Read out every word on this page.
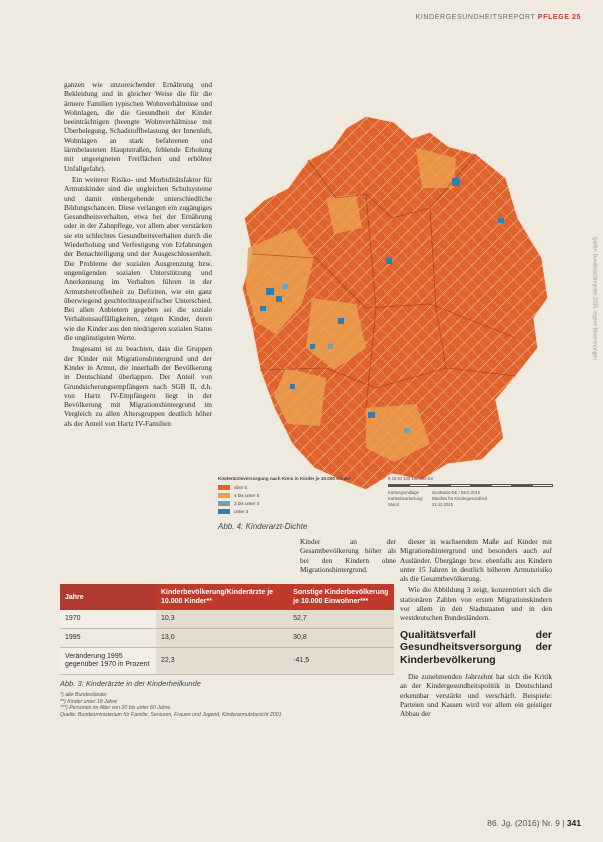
KINDERGESUNDHEITSREPORT PFLEGE 25

ganzen wie unzureichender Ernährung und Bekleidung und in gleicher Weise die für die ärmere Familien typischen Wohnverhältnisse und Wohnlagen, die die Gesundheit der Kinder beeinträchtigen (beengte Wohnverhältnisse mit Überbelegung, Schadstoffbelastung der Innenluft, Wohnlagen an stark befahrenen und lärmbelasteten Hauptstraßen, fehlende Erholung mit ungeeigneten Freiflächen und erhöhter Unfallgefahr).

Ein weiterer Risiko- und Morbiditätsfaktor für Armutskinder sind die ungleichen Schulsysteme und damit einhergehende unterschiedliche Bildungschancen. Diese verlangen ein zugängiges Gesundheitsverhalten, etwa bei der Ernährung oder in der Zahnpflege, vor allem aber verstärken sie ein schlechtes Gesundheitsverhalten durch die Wiederholung und Verfestigung von Erfahrungen der Benachteiligung und der Ausgeschlossenheit. Die Probleme der sozialen Ausgrenzung bzw. ungenügenden sozialen Unterstützung und Anerkennung im Verhalten führen in der Armutsbetroffenheit zu Defiziten, wie ein ganz überwiegend geschlechtsspezifischer Unterschied. Bei allen Anbietern gegeben sei die soziale Verhaltensauffälligkeiten, zeigen Kinder, deren wie die Kinder aus den niedrigeren sozialen Status die ungünstigsten Werte.

Insgesamt ist zu beachten, dass die Gruppen der Kinder mit Migrationshintergrund und der Kinder in Armut, die innerhalb der Bevölkerung in Deutschland überlappen. Der Anteil von Grundsicherungsempfängern nach SGB II, d.h. von Hartz IV-Empfängern liegt in der Bevölkerung mit Migrationshintergrund im Vergleich zu allen Altersgruppen deutlich höher als der Anteil von Hartz IV-Familien

Kinderärzteversorgung nach Kreis in Kinder je 10.000 Kinder
über 5
4 bis unter 5
3 bis unter 4
unter 3
0 25 50 100 150 200 km
Kartengrundlage	GeoBasis-DE / BKG 2015
Kartenbearbeitung	Bündnis für Kindergesundheit
Stand	31.12.2015
Abb. 4: Kinderarzt-Dichte
Quelle: Bundesarztregister 2015, eigene Berechnungen
Jahre	Kinderbevölkerung/Kinderärzte je 10.000 Kinder**	Sonstige Kinderbevölkerung je 10.000 Einwohner***
1970	10,3	52,7
1995	13,0	30,8
Veränderung 1995 gegenüber 1970 in Prozent	22,3	-41,5
Abb. 3: Kinderärzte in der Kinderheilkunde
*) alte Bundesländer
**) Kinder unter 18 Jahre
***) Personen im Alter von 20 bis unter 60 Jahre
Quelle: Bundesministerium für Familie, Senioren, Frauen und Jugend, Kinderarmutsbericht 2001
Kinder an der Gesamtbevölkerung höher als bei den Kindern ohne Migrationshintergrund.

dieser in wachsendem Maße auf Kinder mit Migrationshintergrund und besonders auch auf Ausländer. Übergänge bzw. ebenfalls aus Kindern unter 15 Jahren in deutlich höheren Armutsrisiko als die Gesamtbevölkerung.

Wie die Abbildung 3 zeigt, konzentriert sich die stationären Zahlen von ersten Migrationskindern vor allem in den Stadtstaaten und in den westdeutschen Bundesländern.

Qualitätsverfall der Gesundheitsversorgung der Kinderbevölkerung

Die zunehmenden Jahrzehnt hat sich die Kritik an der Kindergesundheitspolitik in Deutschland erkennbar verstärkt und verschärft. Beispiele: Parteien und Kassen wird vor allem ein geistiger Abbau der

86. Jg. (2016) Nr. 9 | 341
